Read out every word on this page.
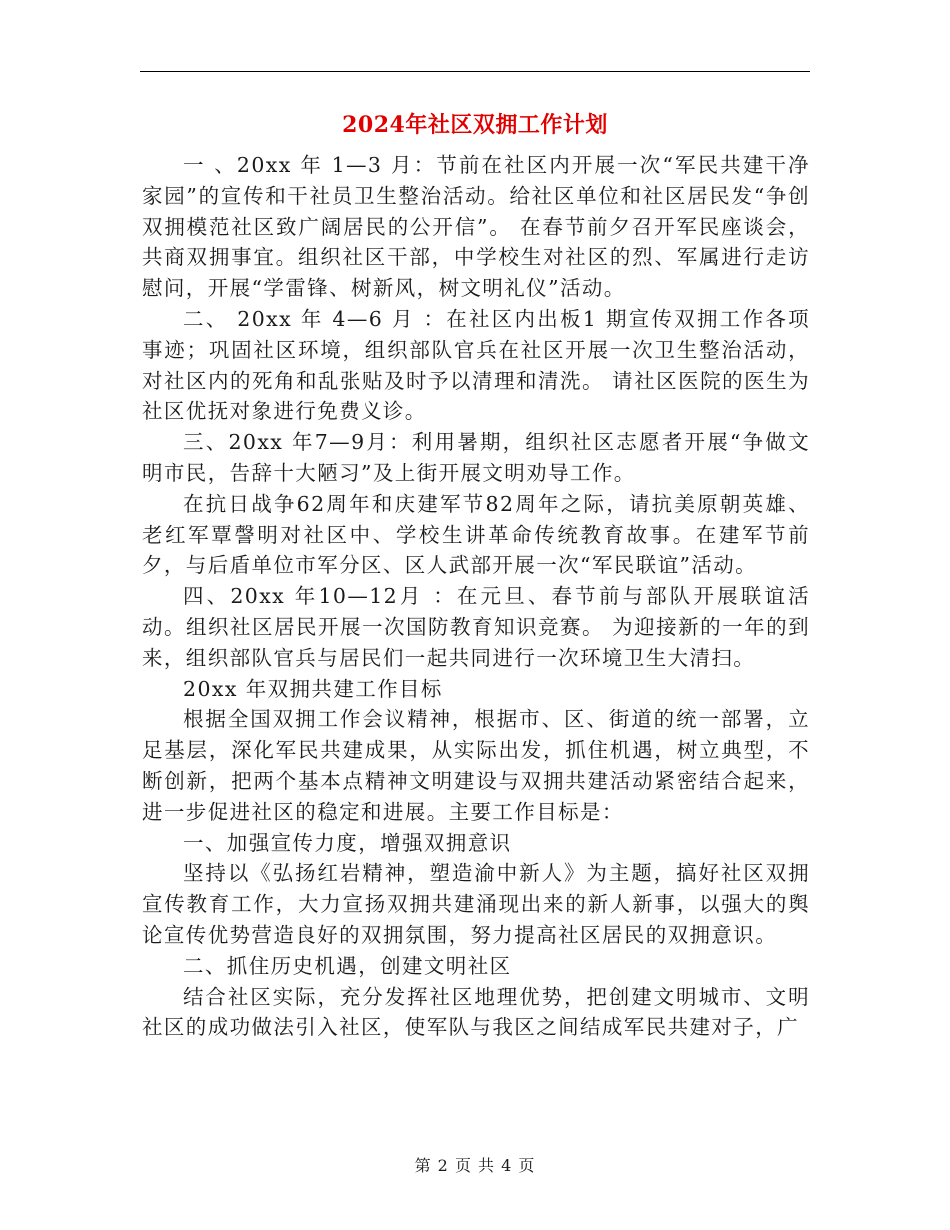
2024年社区双拥工作计划

一 、20xx 年 1—3 月：节前在社区内开展一次“军民共建干净家园”的宣传和干社员卫生整治活动。给社区单位和社区居民发“争创双拥模范社区致广阔居民的公开信”。 在春节前夕召开军民座谈会，共商双拥事宜。组织社区干部，中学校生对社区的烈、军属进行走访慰问，开展“学雷锋、树新风，树文明礼仪”活动。

二、 20xx 年 4—6 月 ：在社区内出板1 期宣传双拥工作各项事迹；巩固社区环境，组织部队官兵在社区开展一次卫生整治活动，对社区内的死角和乱张贴及时予以清理和清洗。 请社区医院的医生为社区优抚对象进行免费义诊。

三、20xx 年7—9月：利用暑期，组织社区志愿者开展“争做文明市民，告辞十大陋习”及上街开展文明劝导工作。

在抗日战争62周年和庆建军节82周年之际，请抗美原朝英雄、老红军覃謦明对社区中、学校生讲革命传统教育故事。在建军节前夕，与后盾单位市军分区、区人武部开展一次“军民联谊”活动。

四、20xx 年10—12月 ：在元旦、春节前与部队开展联谊活动。组织社区居民开展一次国防教育知识竞赛。 为迎接新的一年的到来，组织部队官兵与居民们一起共同进行一次环境卫生大清扫。

20xx 年双拥共建工作目标

根据全国双拥工作会议精神，根据市、区、街道的统一部署，立足基层，深化军民共建成果，从实际出发，抓住机遇，树立典型，不断创新，把两个基本点精神文明建设与双拥共建活动紧密结合起来，进一步促进社区的稳定和进展。主要工作目标是：

一、加强宣传力度，增强双拥意识

坚持以《弘扬红岩精神，塑造渝中新人》为主题，搞好社区双拥宣传教育工作，大力宣扬双拥共建涌现出来的新人新事，以强大的舆论宣传优势营造良好的双拥氛围，努力提高社区居民的双拥意识。

二、抓住历史机遇，创建文明社区

结合社区实际，充分发挥社区地理优势，把创建文明城市、文明社区的成功做法引入社区，使军队与我区之间结成军民共建对子，广

第 2 页 共 4 页
